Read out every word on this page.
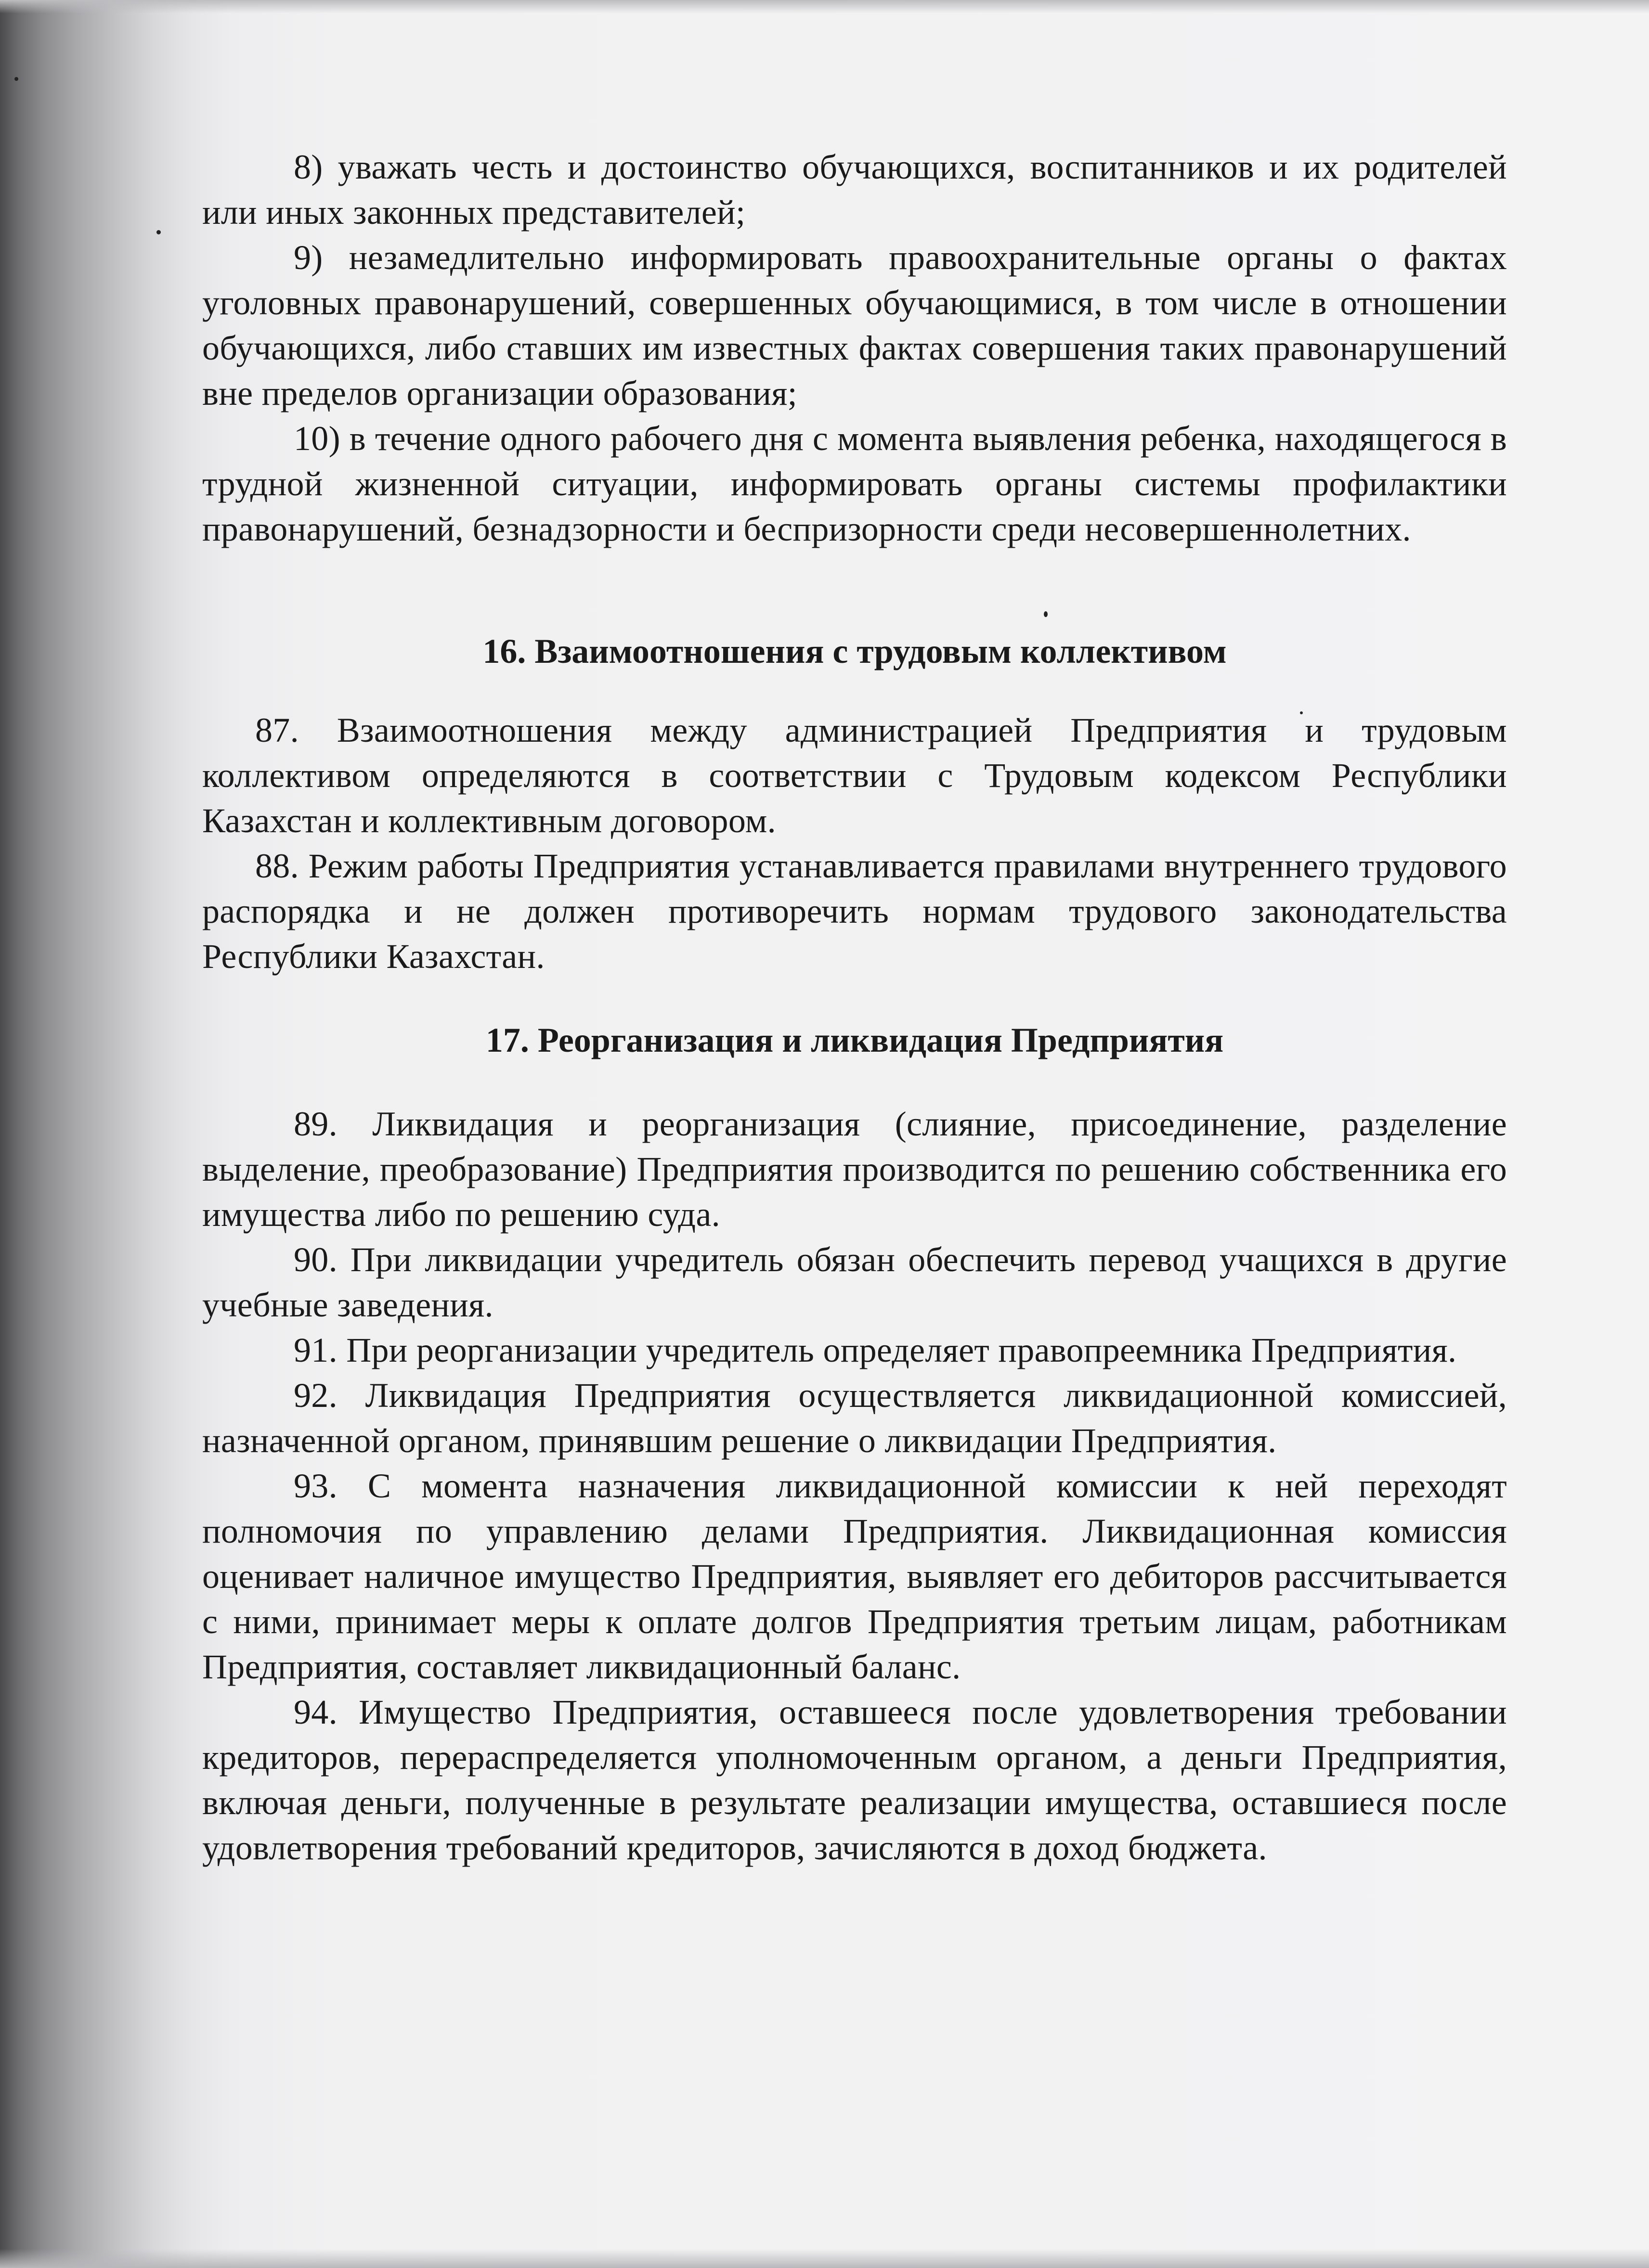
8) уважать честь и достоинство обучающихся, воспитанников и их родителей или иных законных представителей;

9) незамедлительно информировать правоохранительные органы о фактах уголовных правонарушений, совершенных обучающимися, в том числе в отношении обучающихся, либо ставших им известных фактах совершения таких правонарушений вне пределов организации образования;

10) в течение одного рабочего дня с момента выявления ребенка, находящегося в трудной жизненной ситуации, информировать органы системы профилактики правонарушений, безнадзорности и беспризорности среди несовершеннолетних.

16. Взаимоотношения с трудовым коллективом

87. Взаимоотношения между администрацией Предприятия и трудовым коллективом определяются в соответствии с Трудовым кодексом Республики Казахстан и коллективным договором.

88. Режим работы Предприятия устанавливается правилами внутреннего трудового распорядка и не должен противоречить нормам трудового законодательства Республики Казахстан.

17. Реорганизация и ликвидация Предприятия

89. Ликвидация и реорганизация (слияние, присоединение, разделение выделение, преобразование) Предприятия производится по решению собственника его имущества либо по решению суда.

90. При ликвидации учредитель обязан обеспечить перевод учащихся в другие учебные заведения.

91. При реорганизации учредитель определяет правопреемника Предприятия.

92. Ликвидация Предприятия осуществляется ликвидационной комиссией, назначенной органом, принявшим решение о ликвидации Предприятия.

93. С момента назначения ликвидационной комиссии к ней переходят полномочия по управлению делами Предприятия. Ликвидационная комиссия оценивает наличное имущество Предприятия, выявляет его дебиторов рассчитывается с ними, принимает меры к оплате долгов Предприятия третьим лицам, работникам Предприятия, составляет ликвидационный баланс.

94. Имущество Предприятия, оставшееся после удовлетворения требовании кредиторов, перераспределяется уполномоченным органом, а деньги Предприятия, включая деньги, полученные в результате реализации имущества, оставшиеся после удовлетворения требований кредиторов, зачисляются в доход бюджета.
